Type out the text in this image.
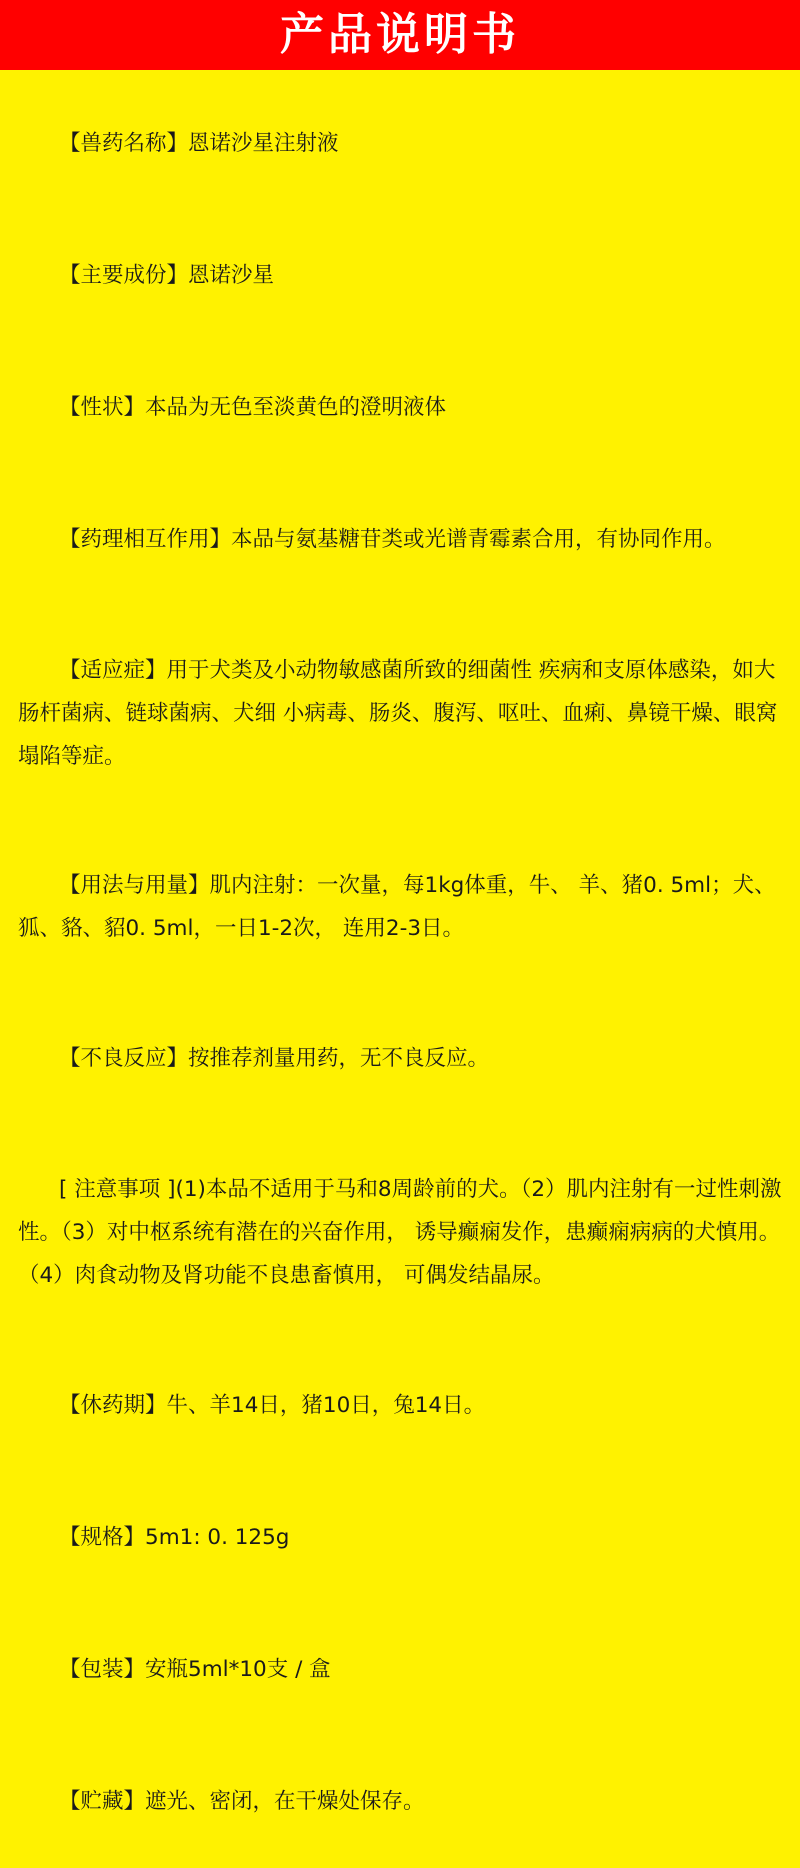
产品说明书

【兽药名称】恩诺沙星注射液

【主要成份】恩诺沙星

【性状】本品为无色至淡黄色的澄明液体

【药理相互作用】本品与氨基糖苷类或光谱青霉素合用，有协同作用。

【适应症】用于犬类及小动物敏感菌所致的细菌性 疾病和支原体感染，如大肠杆菌病、链球菌病、犬细 小病毒、肠炎、腹泻、呕吐、血痢、鼻镜干燥、眼窝 塌陷等症。

【用法与用量】肌内注射：一次量，每1kg体重，牛、 羊、猪0. 5ml；犬、狐、貉、貂0. 5ml，一日1-2次， 连用2-3日。

【不良反应】按推荐剂量用药，无不良反应。

[ 注意事项 ](1)本品不适用于马和8周龄前的犬。（2）肌内注射有一过性刺激性。（3）对中枢系统有潜在的兴奋作用， 诱导癫痫发作，患癫痫病病的犬慎用。（4）肉食动物及肾功能不良患畜慎用， 可偶发结晶尿。

【休药期】牛、羊14日，猪10日，兔14日。

【规格】5m1: 0. 125g

【包装】安瓶5ml*10支 / 盒

【贮藏】遮光、密闭，在干燥处保存。
